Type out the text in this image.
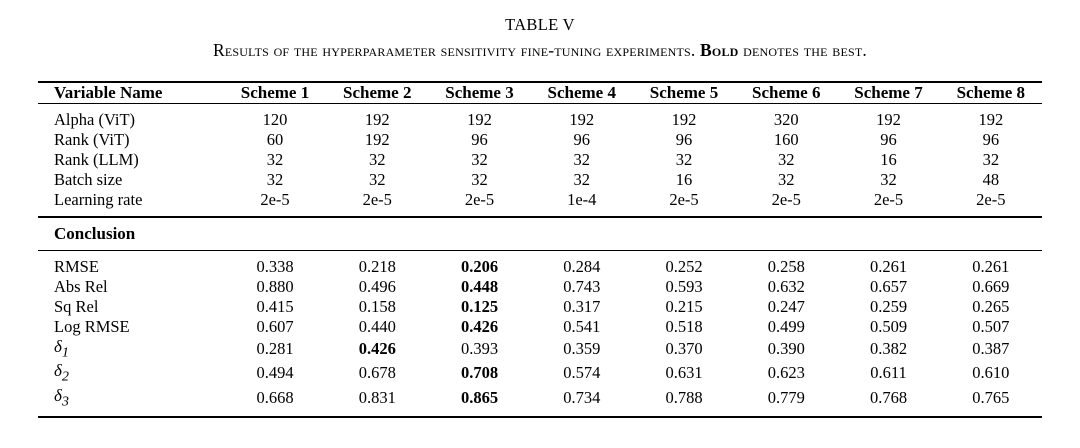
TABLE V
Results of the hyperparameter sensitivity fine-tuning experiments. Bold denotes the best.
Variable Name	Scheme 1	Scheme 2	Scheme 3	Scheme 4	Scheme 5	Scheme 6	Scheme 7	Scheme 8
Alpha (ViT)	120	192	192	192	192	320	192	192
Rank (ViT)	60	192	96	96	96	160	96	96
Rank (LLM)	32	32	32	32	32	32	16	32
Batch size	32	32	32	32	16	32	32	48
Learning rate	2e-5	2e-5	2e-5	1e-4	2e-5	2e-5	2e-5	2e-5
Conclusion								
RMSE	0.338	0.218	0.206	0.284	0.252	0.258	0.261	0.261
Abs Rel	0.880	0.496	0.448	0.743	0.593	0.632	0.657	0.669
Sq Rel	0.415	0.158	0.125	0.317	0.215	0.247	0.259	0.265
Log RMSE	0.607	0.440	0.426	0.541	0.518	0.499	0.509	0.507
$\delta_1$	0.281	0.426	0.393	0.359	0.370	0.390	0.382	0.387
$\delta_2$	0.494	0.678	0.708	0.574	0.631	0.623	0.611	0.610
$\delta_3$	0.668	0.831	0.865	0.734	0.788	0.779	0.768	0.765
